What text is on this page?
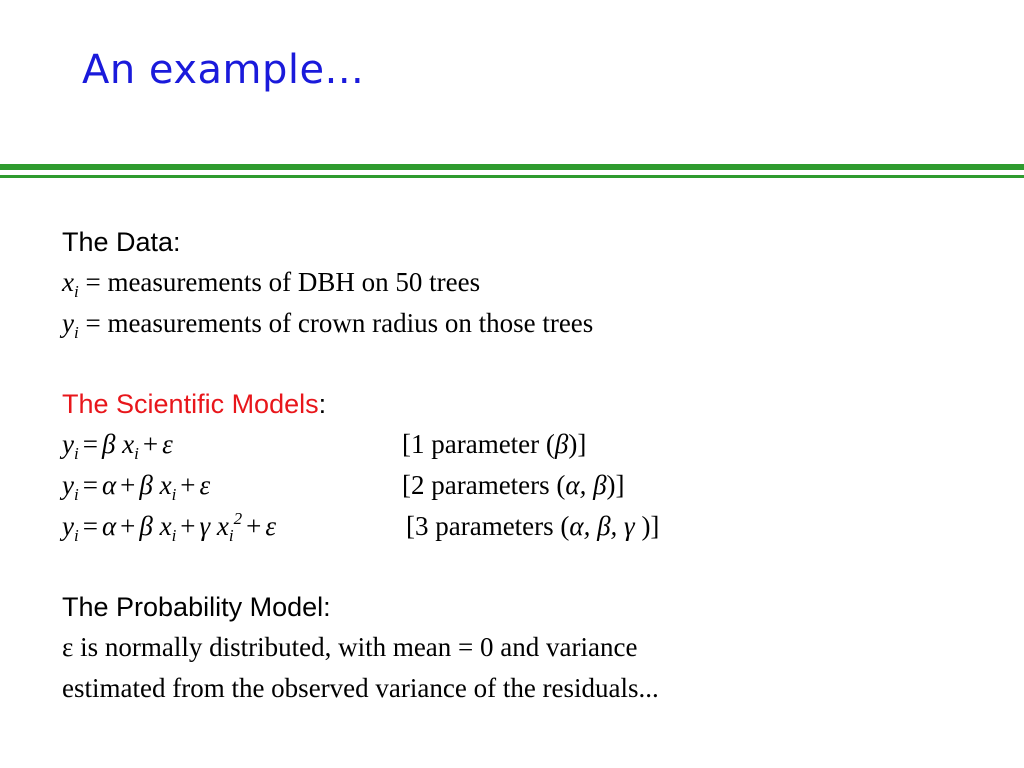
An example...
The Data:
$x_i$ = measurements of DBH on 50 trees
$y_i$ = measurements of crown radius on those trees
The Scientific Models:
$y_i = \beta$ $x_i + \varepsilon$	[1 parameter (β)]
$y_i = \alpha + \beta$ $x_i + \varepsilon$	[2 parameters (α, β)]
$y_i = \alpha + \beta$ $x_i + \gamma$ $x_i^2 + \varepsilon$	[3 parameters (α, β, γ )]
The Probability Model:
ε is normally distributed, with mean = 0 and variance
estimated from the observed variance of the residuals...
